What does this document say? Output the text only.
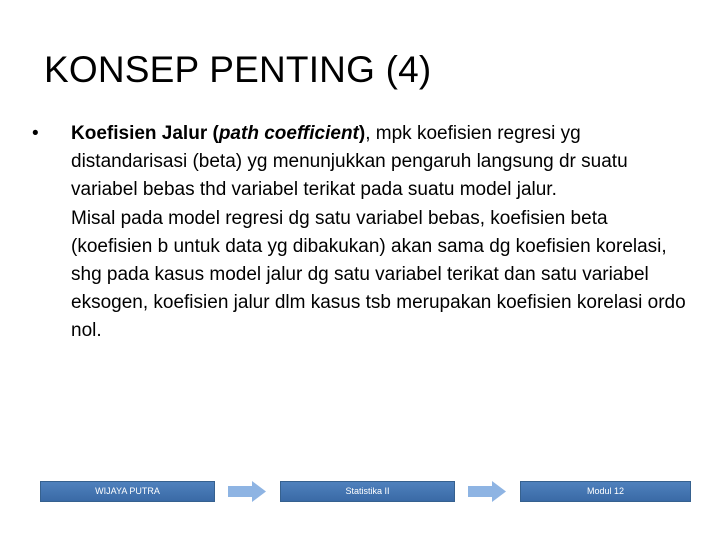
KONSEP PENTING (4)
•	Koefisien Jalur (path coefficient), mpk koefisien regresi yg distandarisasi (beta) yg menunjukkan pengaruh langsung dr suatu variabel bebas thd variabel terikat pada suatu model jalur.
Misal pada model regresi dg satu variabel bebas, koefisien beta (koefisien b untuk data yg dibakukan) akan sama dg koefisien korelasi, shg pada kasus model jalur dg satu variabel terikat dan satu variabel eksogen, koefisien jalur dlm kasus tsb merupakan koefisien korelasi ordo nol.
WIJAYA PUTRA	Statistika II	Modul 12
